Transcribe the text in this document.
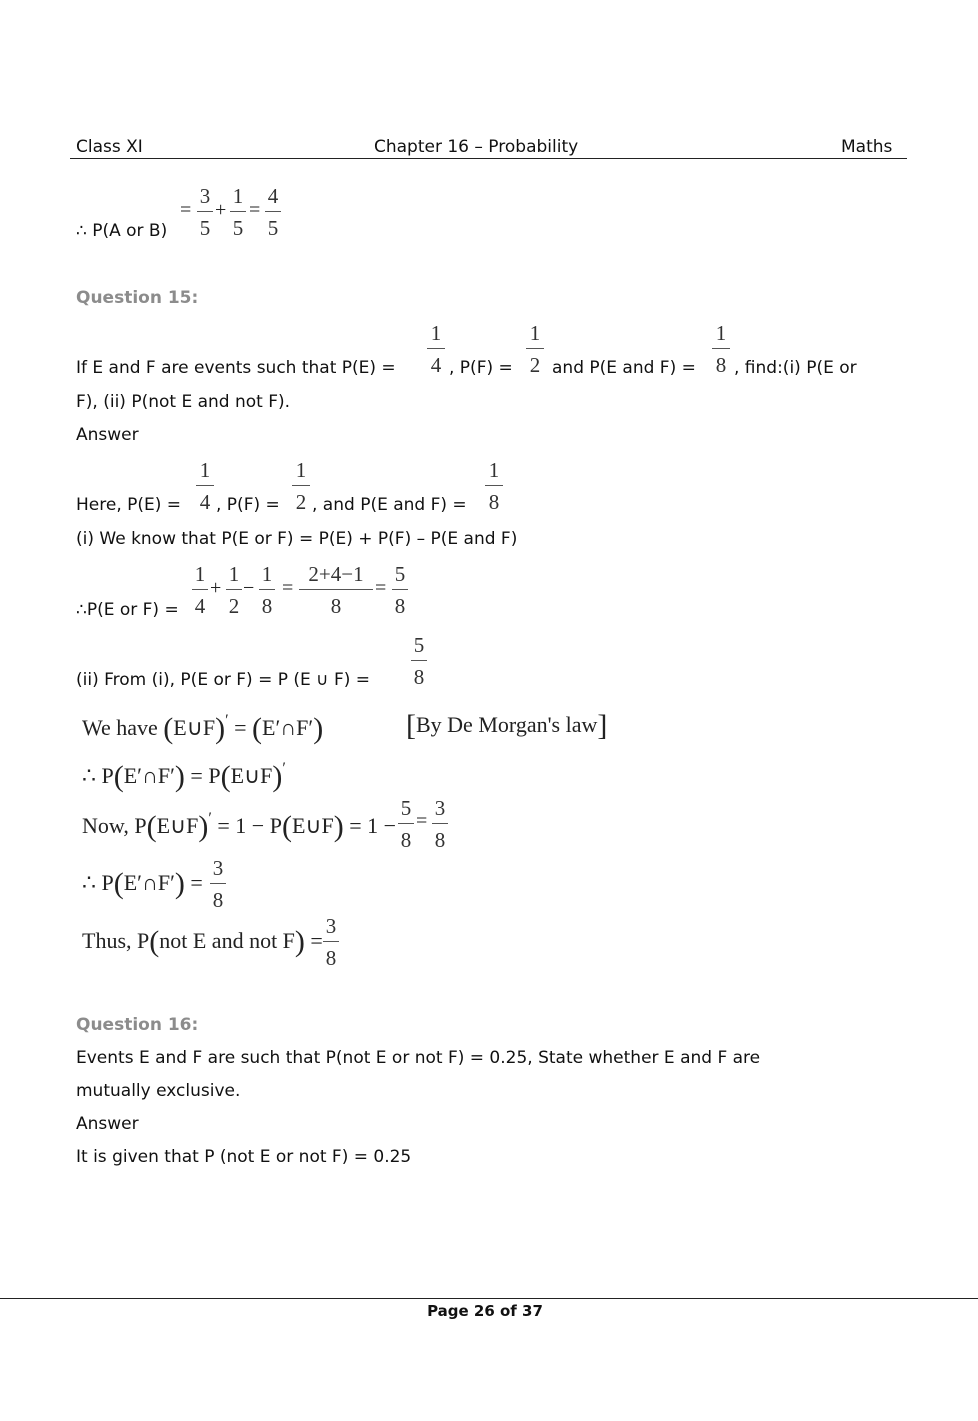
Class XI	Chapter 16 – Probability	Maths
∴ P(A or B)
=
3
5
+
1
5
=
4
5
Question 15:
If E and F are events such that P(E) =
1
4 , P(F) =
1
2 and P(E and F) =
1
8 , find:(i) P(E or
F), (ii) P(not E and not F).
Answer
Here, P(E) =
1
4 , P(F) =
1
2 , and P(E and F) =
1
8
(i) We know that P(E or F) = P(E) + P(F) – P(E and F)
∴P(E or F) =
1
4
+
1
2
−
1
8
=
2+4−1
8
=
5
8
(ii) From (i), P(E or F) = P (E ∪ F) =
5
8
We have (E∪F)′ = (E′∩F′)	[By De Morgan's law]
∴ P(E′∩F′) = P(E∪F)′
Now, P(E∪F)′ = 1 − P(E∪F) = 1 −
5
8
=
3
8
∴ P(E′∩F′) =
3
8
Thus, P(not E and not F) =
3
8
Question 16:
Events E and F are such that P(not E or not F) = 0.25, State whether E and F are
mutually exclusive.
Answer
It is given that P (not E or not F) = 0.25
Page 26 of 37
